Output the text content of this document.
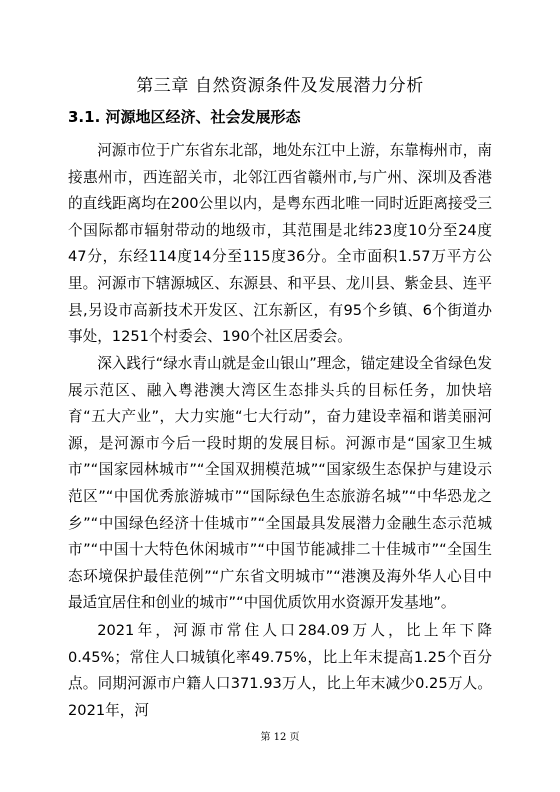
第三章 自然资源条件及发展潜力分析
3.1. 河源地区经济、社会发展形态

河源市位于广东省东北部，地处东江中上游，东靠梅州市，南接惠州市，西连韶关市，北邻江西省赣州市,与广州、深圳及香港的直线距离均在200公里以内，是粤东西北唯一同时近距离接受三个国际都市辐射带动的地级市，其范围是北纬23度10分至24度47分，东经114度14分至115度36分。全市面积1.57万平方公里。河源市下辖源城区、东源县、和平县、龙川县、紫金县、连平县,另设市高新技术开发区、江东新区，有95个乡镇、6个街道办事处，1251个村委会、190个社区居委会。

深入践行“绿水青山就是金山银山”理念，锚定建设全省绿色发展示范区、融入粤港澳大湾区生态排头兵的目标任务，加快培育“五大产业”，大力实施“七大行动”，奋力建设幸福和谐美丽河源，是河源市今后一段时期的发展目标。河源市是“国家卫生城市”“国家园林城市”“全国双拥模范城”“国家级生态保护与建设示范区”“中国优秀旅游城市”“国际绿色生态旅游名城”“中华恐龙之乡”“中国绿色经济十佳城市”“全国最具发展潜力金融生态示范城市”“中国十大特色休闲城市”“中国节能减排二十佳城市”“全国生态环境保护最佳范例”“广东省文明城市”“港澳及海外华人心目中最适宜居住和创业的城市”“中国优质饮用水资源开发基地”。

2021年，河源市常住人口284.09万人，比上年下降0.45%；常住人口城镇化率49.75%，比上年末提高1.25个百分点。同期河源市户籍人口371.93万人，比上年末减少0.25万人。2021年，河

第 12 页
